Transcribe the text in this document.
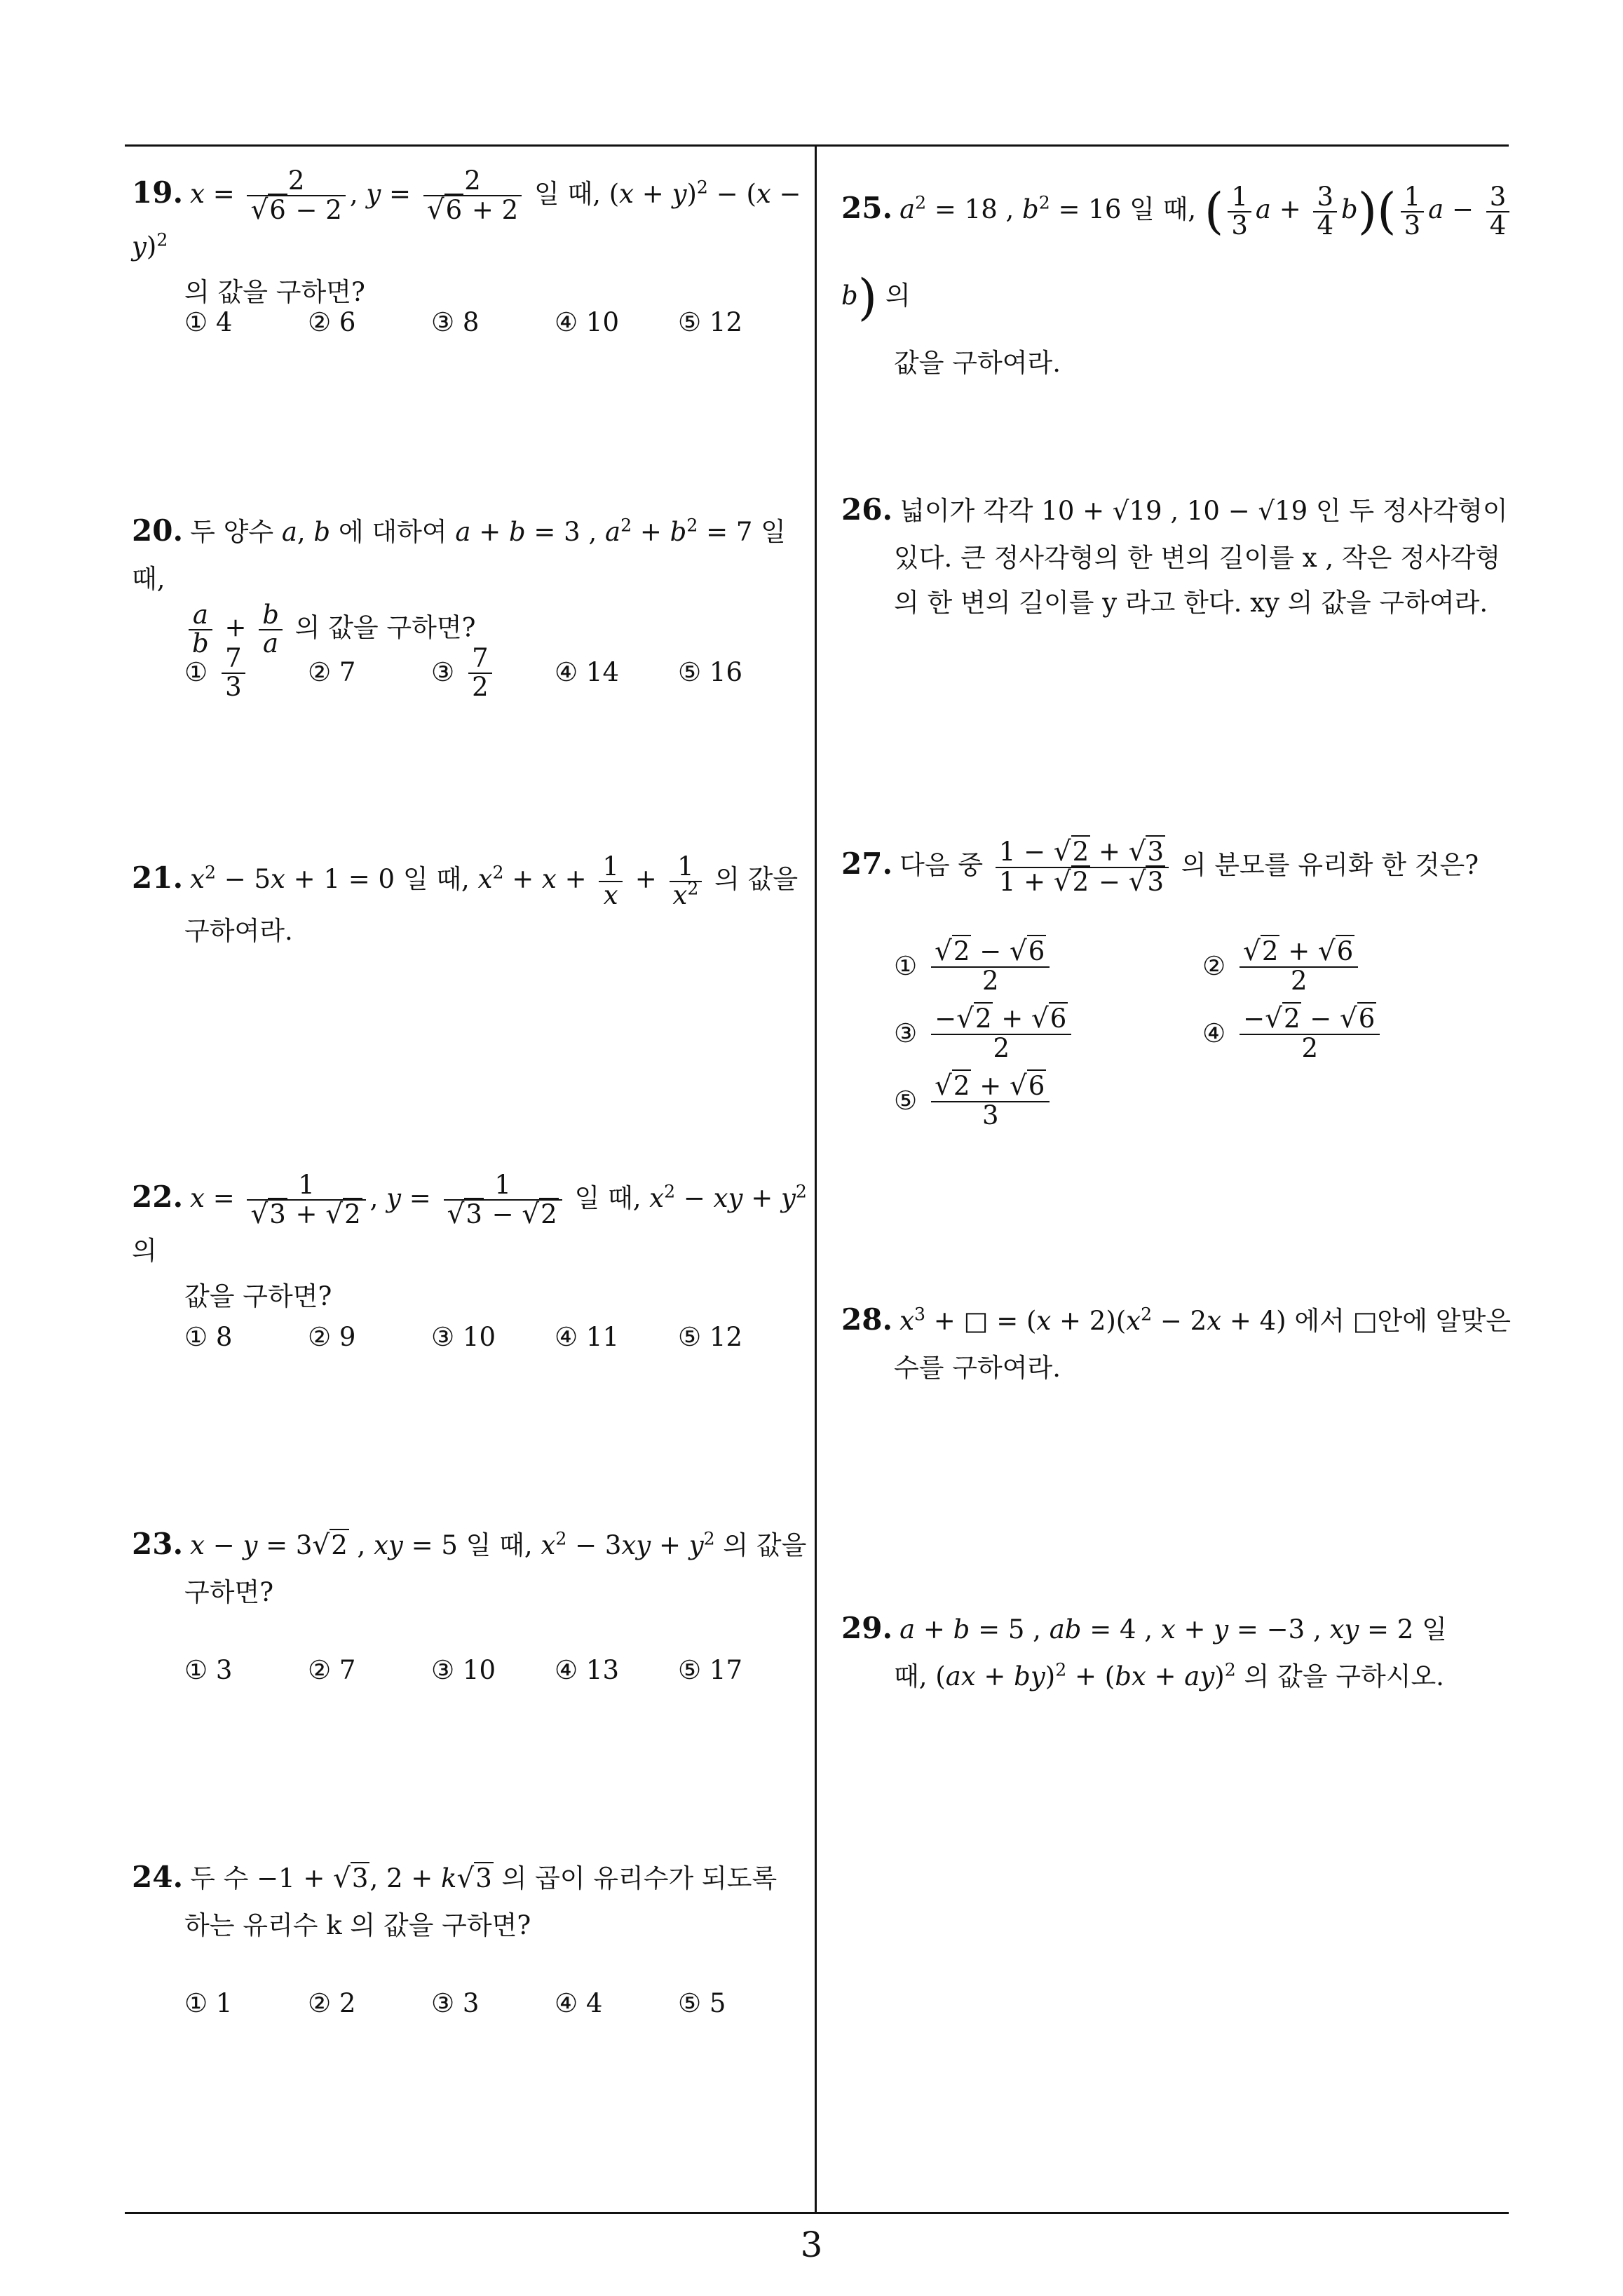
19. $x = \frac{2}{√6 - 2}$ , $y = \frac{2}{√6 + 2}$ 일 때, $(x + y)^2 - (x - y)^2$
의 값을 구하면?
① 4	② 6	③ 8	④ 10	⑤ 12
20. 두 양수 a, b 에 대하여 a + b = 3 , $a^2 + b^2 = 7$ 일 때,
$\frac{a}{b} + \frac{b}{a}$ 의 값을 구하면?
① $\frac{7}{3}$ ② 7	③ $\frac{7}{2}$ ④ 14	⑤ 16
21. $x^2 - 5x + 1 = 0$ 일 때, $x^2 + x + \frac{1}{x} + \frac{1}{x^2}$ 의 값을
구하여라.
22. $x = \frac{1}{√3 + √2}$ , $y = \frac{1}{√3 - √2}$ 일 때, $x^2$ − xy + $y^2$ 의
값을 구하면?
① 8	② 9	③ 10	④ 11	⑤ 12
23. x − y = 3√2 , xy = 5 일 때, $x^2 - 3xy + y^2$ 의 값을
구하면?
① 3	② 7	③ 10	④ 13	⑤ 17
24. 두 수 −1 + √3, 2 + k√3 의 곱이 유리수가 되도록
하는 유리수 k 의 값을 구하면?
① 1	② 2	③ 3	④ 4	⑤ 5
25. $a^2 = 18$ , $b^2 = 16$ 일 때, ( $\frac{1}{3}$ $a + \frac{3}{4} b)( \frac{1}{3}$ $a - \frac{3}{4}$
b) 의
값을 구하여라.
26. 넓이가 각각 10 + √19 , 10 − √19 인 두 정사각형이
있다. 큰 정사각형의 한 변의 길이를 x , 작은 정사각형
의 한 변의 길이를 y 라고 한다. xy 의 값을 구하여라.
27. 다음 중 $\frac{1 - √2 + √3}{1 + √2 - √3}$ 의 분모를 유리화 한 것은?
① $\frac{√2 - √6}{2}$	② $\frac{√2 + √6}{2}$
③ $\frac{-√2 + √6}{2}$	④ $\frac{-√2 - √6}{2}$
⑤ $\frac{√2 + √6}{3}$
28. $x^3$ + □ = $(x + 2)(x^2 - 2x + 4)$ 에서 □안에 알맞은
수를 구하여라.
29. a + b = 5 , ab = 4 , x + y = −3 , xy = 2 일
때, (ax + by)$^2$ + (bx + ay)$^2$ 의 값을 구하시오.
3
